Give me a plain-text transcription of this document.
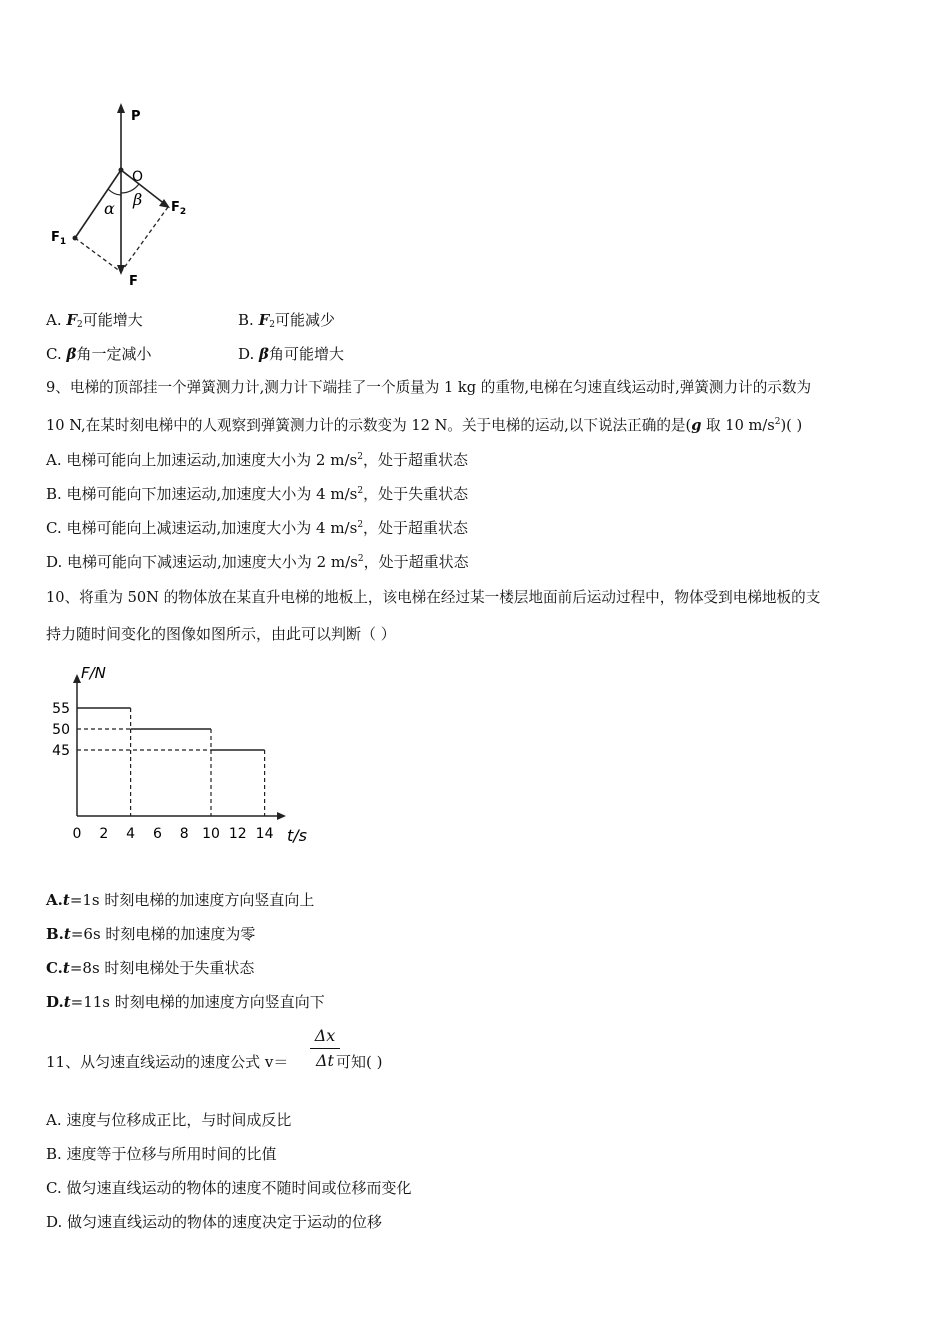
P
O
$F_2$
$F_1$
F
α β
A. $F_2$可能增大	B. $F_2$可能减少
C. β角一定减小	D. β角可能增大
9、电梯的顶部挂一个弹簧测力计,测力计下端挂了一个质量为 1 kg 的重物,电梯在匀速直线运动时,弹簧测力计的示数为
10 N,在某时刻电梯中的人观察到弹簧测力计的示数变为 12 N。关于电梯的运动,以下说法正确的是(g 取 10 $m/s^2$)( )
A. 电梯可能向上加速运动,加速度大小为 2 $m/s^2$，处于超重状态
B. 电梯可能向下加速运动,加速度大小为 4 $m/s^2$，处于失重状态
C. 电梯可能向上减速运动,加速度大小为 4 $m/s^2$，处于超重状态
D. 电梯可能向下减速运动,加速度大小为 2 $m/s^2$，处于超重状态
10、将重为 50N 的物体放在某直升电梯的地板上，该电梯在经过某一楼层地面前后运动过程中，物体受到电梯地板的支
持力随时间变化的图像如图所示，由此可以判断（ ）
F/N
t/s
55
50
45
0 2 4 6 8 10 12 14
A.t=1s 时刻电梯的加速度方向竖直向上
B.t=6s 时刻电梯的加速度为零
C.t=8s 时刻电梯处于失重状态
D.t=11s 时刻电梯的加速度方向竖直向下
11、从匀速直线运动的速度公式 v＝
Δx
Δt 可知( )
A. 速度与位移成正比，与时间成反比
B. 速度等于位移与所用时间的比值
C. 做匀速直线运动的物体的速度不随时间或位移而变化
D. 做匀速直线运动的物体的速度决定于运动的位移
